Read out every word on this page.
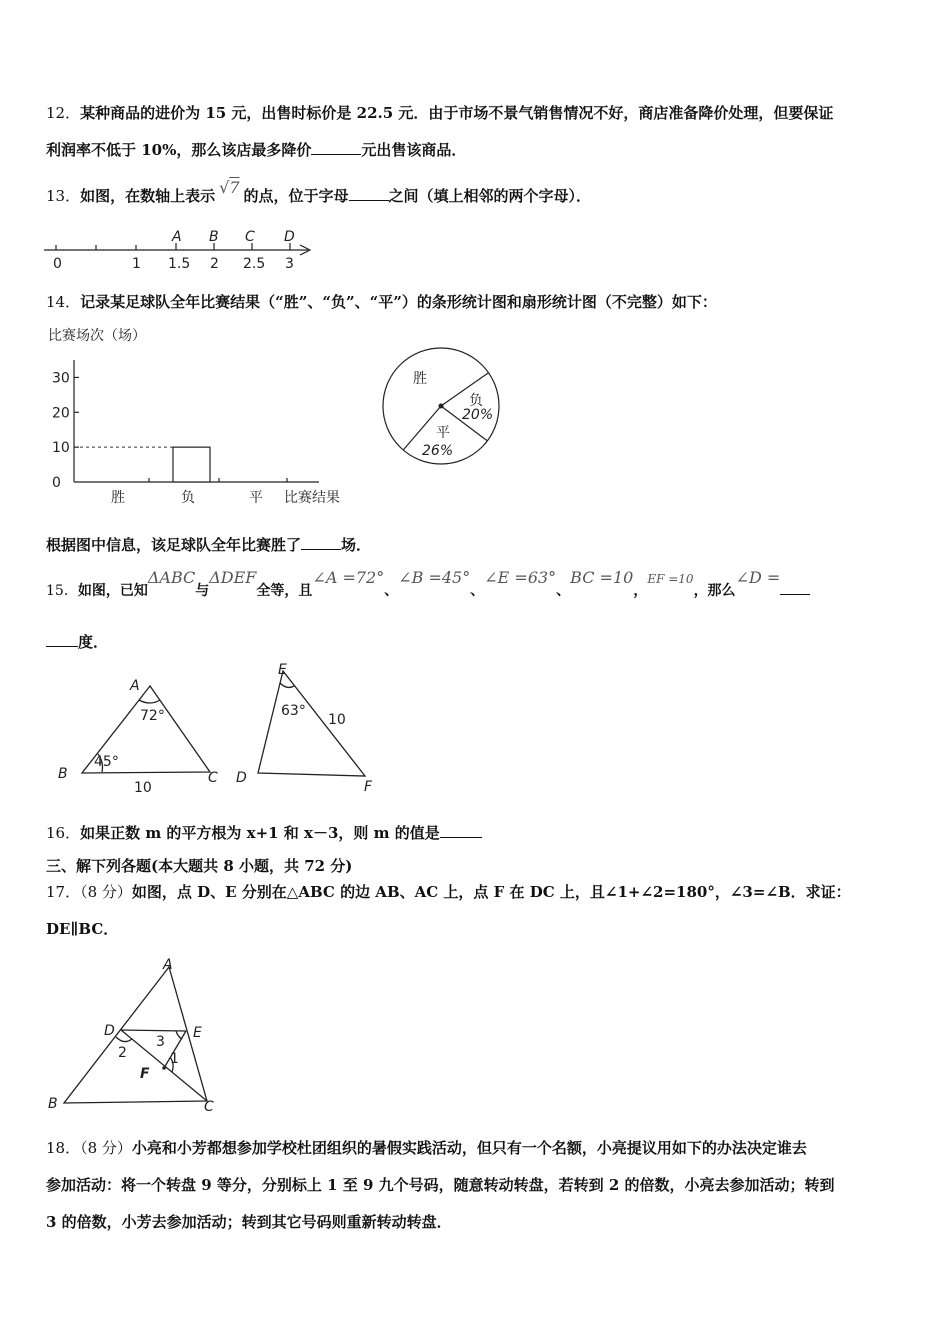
12．某种商品的进价为 15 元，出售时标价是 22.5 元．由于市场不景气销售情况不好，商店准备降价处理，但要保证
利润率不低于 10%，那么该店最多降价	元出售该商品．
13．如图，在数轴上表示 √7 的点，位于字母	之间（填上相邻的两个字母）．
A B C D
0	1 1.5 2 2.5 3
14．记录某足球队全年比赛结果（“胜”、“负”、“平”）的条形统计图和扇形统计图（不完整）如下：
比赛场次（场）
0
10
20
30
胜	负	平 比赛结果
胜
负
20%
平
26%
根据图中信息，该足球队全年比赛胜了	场．
15．如图，已知ΔABC与ΔDEF全等，且∠A =72°、∠B =45°、∠E =63°、BC =10，EF =10，那么∠D =
度．
A
B	C
72°
45°
10
E
D
F
63°
10
16．如果正数 m 的平方根为 x+1 和 x－3，则 m 的值是
三、解下列各题(本大题共 8 小题，共 72 分)
17．（8 分）如图，点 D、E 分别在△ABC 的边 AB、AC 上，点 F 在 DC 上，且∠1+∠2=180°，∠3=∠B．求证：
DE∥BC．
A
B	C
D	E
F
1
2
3
18．（8 分）小亮和小芳都想参加学校杜团组织的暑假实践活动，但只有一个名额，小亮提议用如下的办法决定谁去
参加活动：将一个转盘 9 等分，分别标上 1 至 9 九个号码，随意转动转盘，若转到 2 的倍数，小亮去参加活动；转到
3 的倍数，小芳去参加活动；转到其它号码则重新转动转盘．
